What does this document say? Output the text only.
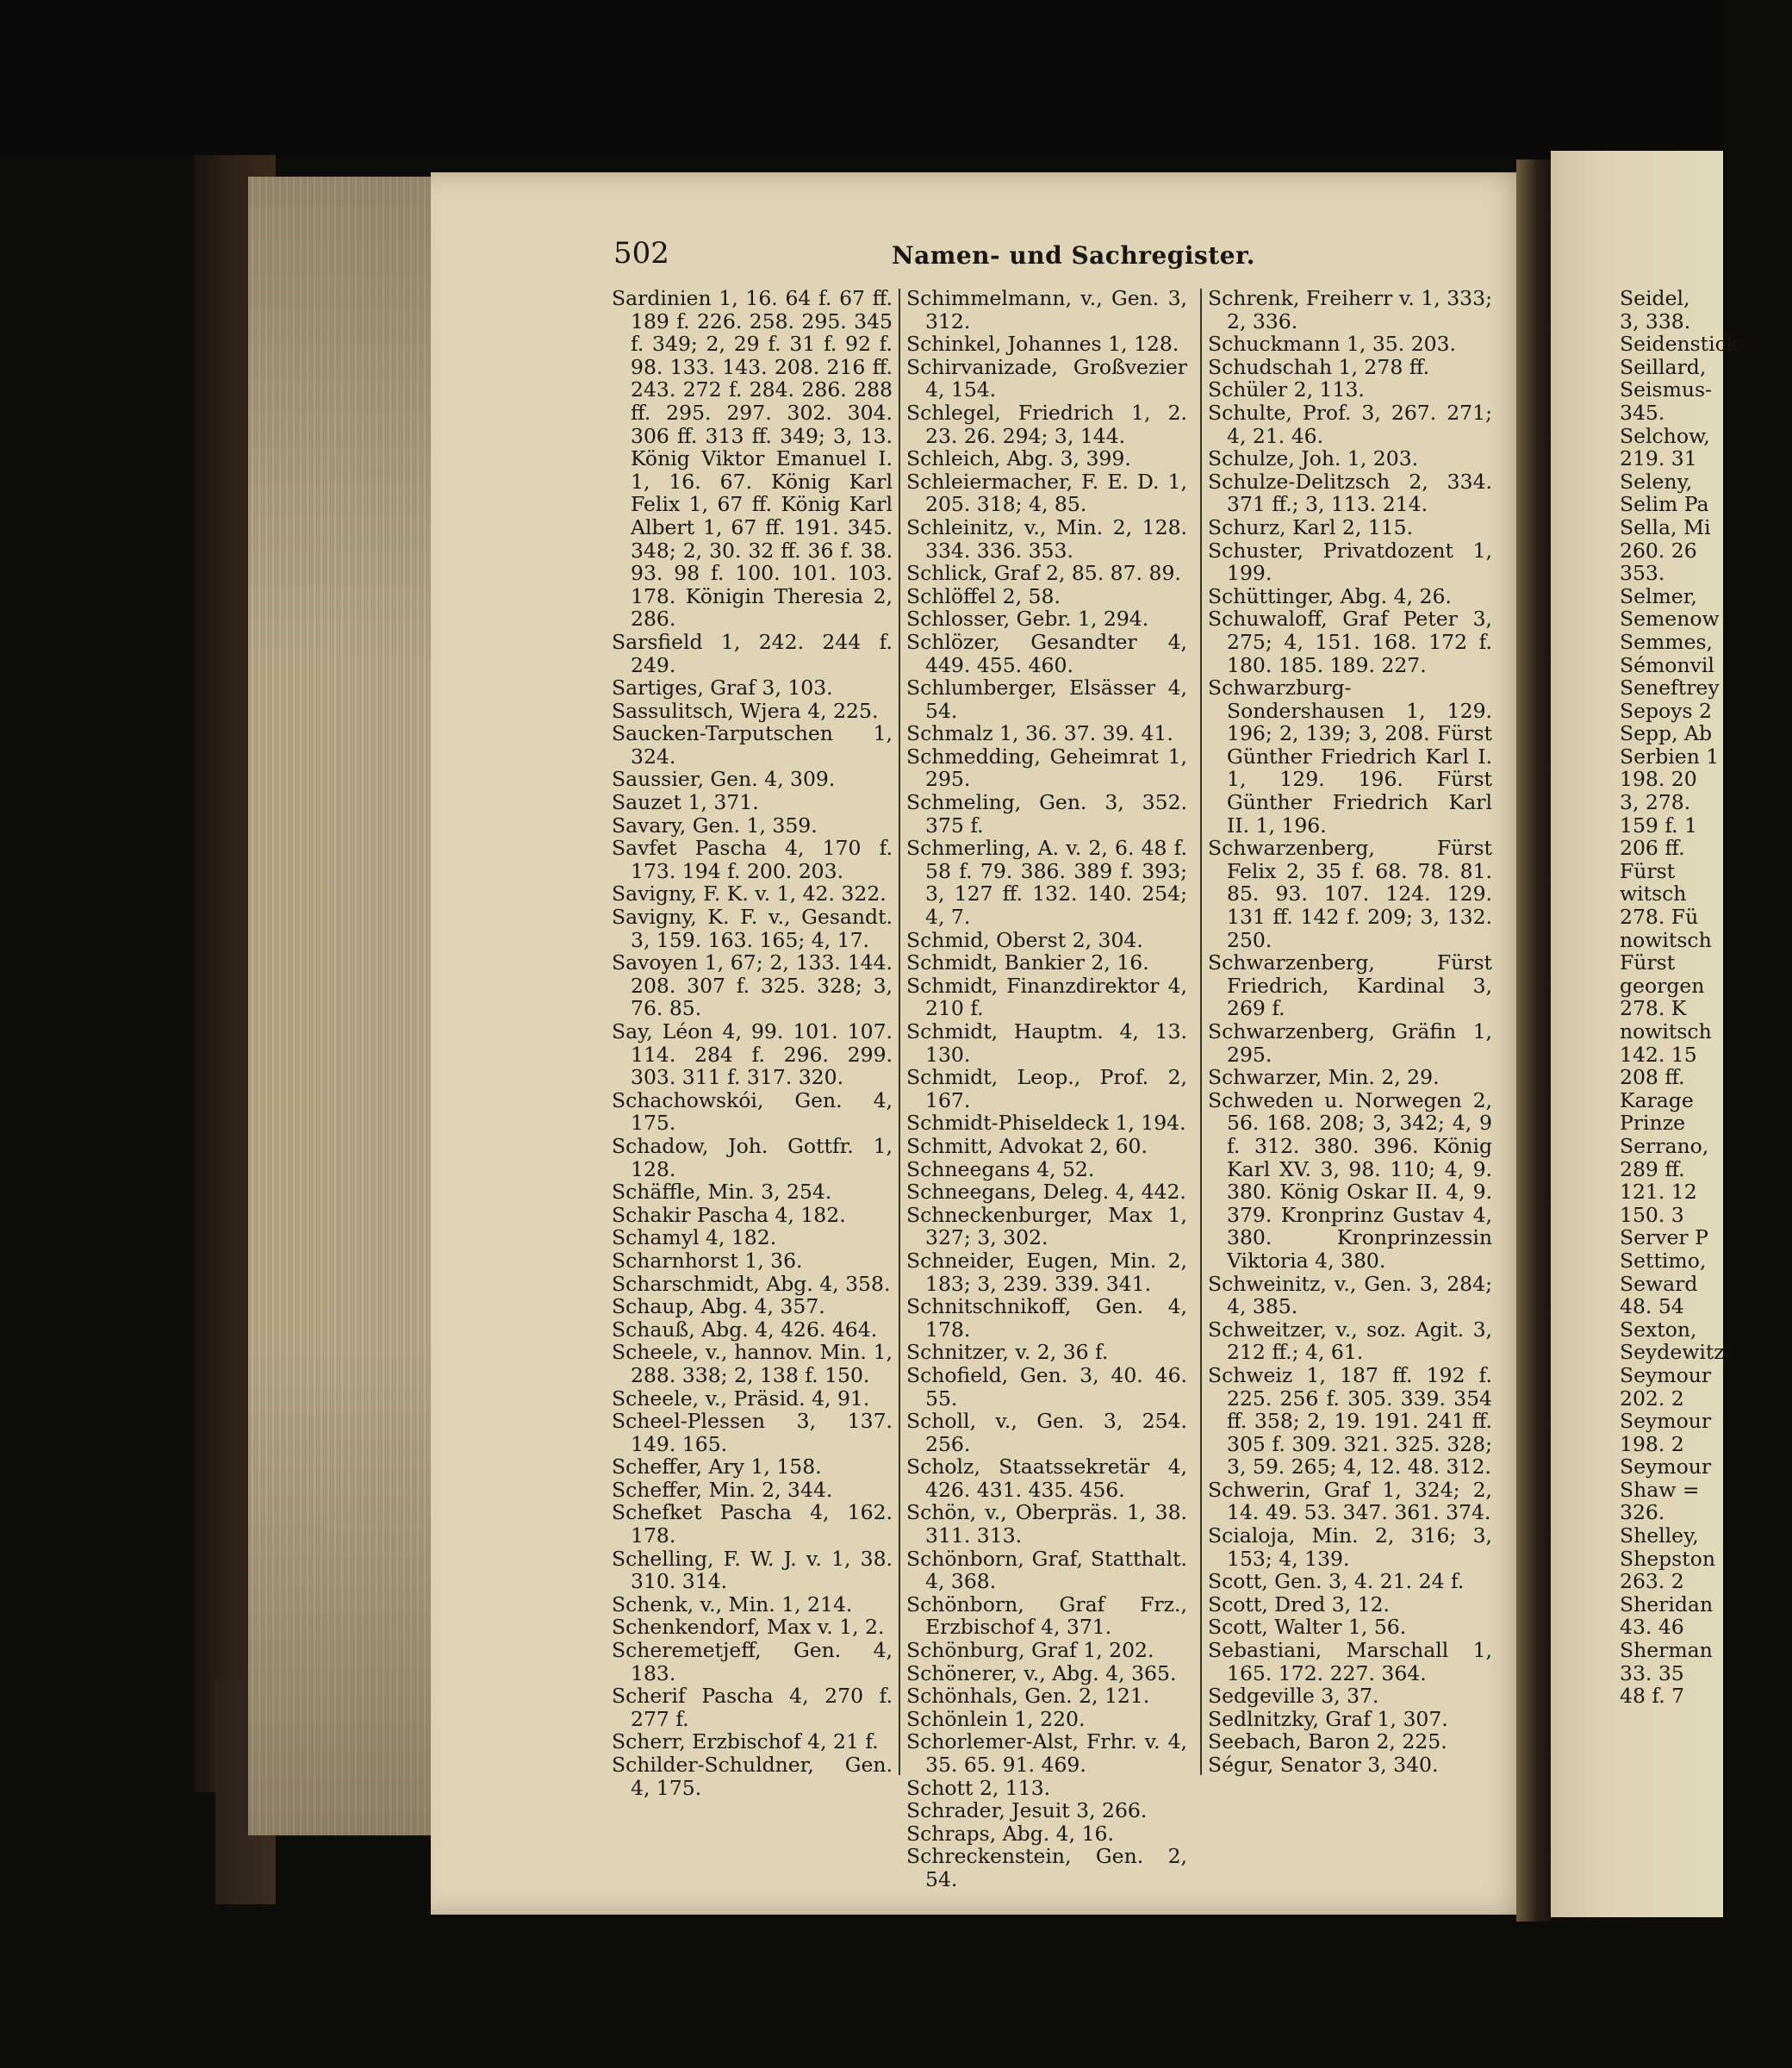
502	Namen- und Sachregister.
Sardinien 1, 16. 64 f. 67 ff. 189 f. 226. 258. 295. 345 f. 349; 2, 29 f. 31 f. 92 f. 98. 133. 143. 208. 216 ff. 243. 272 f. 284. 286. 288 ff. 295. 297. 302. 304. 306 ff. 313 ff. 349; 3, 13. König Viktor Emanuel I. 1, 16. 67. König Karl Felix 1, 67 ff. König Karl Albert 1, 67 ff. 191. 345. 348; 2, 30. 32 ff. 36 f. 38. 93. 98 f. 100. 101. 103. 178. Königin Theresia 2, 286.
Sarsfield 1, 242. 244 f. 249.
Sartiges, Graf 3, 103.
Sassulitsch, Wjera 4, 225.
Saucken-Tarputschen 1, 324.
Saussier, Gen. 4, 309.
Sauzet 1, 371.
Savary, Gen. 1, 359.
Savfet Pascha 4, 170 f. 173. 194 f. 200. 203.
Savigny, F. K. v. 1, 42. 322.
Savigny, K. F. v., Gesandt. 3, 159. 163. 165; 4, 17.
Savoyen 1, 67; 2, 133. 144. 208. 307 f. 325. 328; 3, 76. 85.
Say, Léon 4, 99. 101. 107. 114. 284 f. 296. 299. 303. 311 f. 317. 320.
Schachowskói, Gen. 4, 175.
Schadow, Joh. Gottfr. 1, 128.
Schäffle, Min. 3, 254.
Schakir Pascha 4, 182.
Schamyl 4, 182.
Scharnhorst 1, 36.
Scharschmidt, Abg. 4, 358.
Schaup, Abg. 4, 357.
Schauß, Abg. 4, 426. 464.
Scheele, v., hannov. Min. 1, 288. 338; 2, 138 f. 150.
Scheele, v., Präsid. 4, 91.
Scheel-Plessen 3, 137. 149. 165.
Scheffer, Ary 1, 158.
Scheffer, Min. 2, 344.
Schefket Pascha 4, 162. 178.
Schelling, F. W. J. v. 1, 38. 310. 314.
Schenk, v., Min. 1, 214.
Schenkendorf, Max v. 1, 2.
Scheremetjeff, Gen. 4, 183.
Scherif Pascha 4, 270 f. 277 f.
Scherr, Erzbischof 4, 21 f.
Schilder-Schuldner, Gen. 4, 175.
Schimmelmann, v., Gen. 3, 312.
Schinkel, Johannes 1, 128.
Schirvanizade, Großvezier 4, 154.
Schlegel, Friedrich 1, 2. 23. 26. 294; 3, 144.
Schleich, Abg. 3, 399.
Schleiermacher, F. E. D. 1, 205. 318; 4, 85.
Schleinitz, v., Min. 2, 128. 334. 336. 353.
Schlick, Graf 2, 85. 87. 89.
Schlöffel 2, 58.
Schlosser, Gebr. 1, 294.
Schlözer, Gesandter 4, 449. 455. 460.
Schlumberger, Elsässer 4, 54.
Schmalz 1, 36. 37. 39. 41.
Schmedding, Geheimrat 1, 295.
Schmeling, Gen. 3, 352. 375 f.
Schmerling, A. v. 2, 6. 48 f. 58 f. 79. 386. 389 f. 393; 3, 127 ff. 132. 140. 254; 4, 7.
Schmid, Oberst 2, 304.
Schmidt, Bankier 2, 16.
Schmidt, Finanzdirektor 4, 210 f.
Schmidt, Hauptm. 4, 13. 130.
Schmidt, Leop., Prof. 2, 167.
Schmidt-Phiseldeck 1, 194.
Schmitt, Advokat 2, 60.
Schneegans 4, 52.
Schneegans, Deleg. 4, 442.
Schneckenburger, Max 1, 327; 3, 302.
Schneider, Eugen, Min. 2, 183; 3, 239. 339. 341.
Schnitschnikoff, Gen. 4, 178.
Schnitzer, v. 2, 36 f.
Schofield, Gen. 3, 40. 46. 55.
Scholl, v., Gen. 3, 254. 256.
Scholz, Staatssekretär 4, 426. 431. 435. 456.
Schön, v., Oberpräs. 1, 38. 311. 313.
Schönborn, Graf, Statthalt. 4, 368.
Schönborn, Graf Frz., Erzbischof 4, 371.
Schönburg, Graf 1, 202.
Schönerer, v., Abg. 4, 365.
Schönhals, Gen. 2, 121.
Schönlein 1, 220.
Schorlemer-Alst, Frhr. v. 4, 35. 65. 91. 469.
Schott 2, 113.
Schrader, Jesuit 3, 266.
Schraps, Abg. 4, 16.
Schreckenstein, Gen. 2, 54.
Schrenk, Freiherr v. 1, 333; 2, 336.
Schuckmann 1, 35. 203.
Schudschah 1, 278 ff.
Schüler 2, 113.
Schulte, Prof. 3, 267. 271; 4, 21. 46.
Schulze, Joh. 1, 203.
Schulze-Delitzsch 2, 334. 371 ff.; 3, 113. 214.
Schurz, Karl 2, 115.
Schuster, Privatdozent 1, 199.
Schüttinger, Abg. 4, 26.
Schuwaloff, Graf Peter 3, 275; 4, 151. 168. 172 f. 180. 185. 189. 227.
Schwarzburg-Sondershausen 1, 129. 196; 2, 139; 3, 208. Fürst Günther Friedrich Karl I. 1, 129. 196. Fürst Günther Friedrich Karl II. 1, 196.
Schwarzenberg, Fürst Felix 2, 35 f. 68. 78. 81. 85. 93. 107. 124. 129. 131 ff. 142 f. 209; 3, 132. 250.
Schwarzenberg, Fürst Friedrich, Kardinal 3, 269 f.
Schwarzenberg, Gräfin 1, 295.
Schwarzer, Min. 2, 29.
Schweden u. Norwegen 2, 56. 168. 208; 3, 342; 4, 9 f. 312. 380. 396. König Karl XV. 3, 98. 110; 4, 9. 380. König Oskar II. 4, 9. 379. Kronprinz Gustav 4, 380. Kronprinzessin Viktoria 4, 380.
Schweinitz, v., Gen. 3, 284; 4, 385.
Schweitzer, v., soz. Agit. 3, 212 ff.; 4, 61.
Schweiz 1, 187 ff. 192 f. 225. 256 f. 305. 339. 354 ff. 358; 2, 19. 191. 241 ff. 305 f. 309. 321. 325. 328; 3, 59. 265; 4, 12. 48. 312.
Schwerin, Graf 1, 324; 2, 14. 49. 53. 347. 361. 374.
Scialoja, Min. 2, 316; 3, 153; 4, 139.
Scott, Gen. 3, 4. 21. 24 f.
Scott, Dred 3, 12.
Scott, Walter 1, 56.
Sebastiani, Marschall 1, 165. 172. 227. 364.
Sedgeville 3, 37.
Sedlnitzky, Graf 1, 307.
Seebach, Baron 2, 225.
Ségur, Senator 3, 340.
Seidel,
3, 338.
Seidenstick
Seillard,
Seismus-
345.
Selchow,
219. 31
Seleny,
Selim Pa
Sella, Mi
260. 26
353.
Selmer,
Semenow
Semmes,
Sémonvil
Seneftrey
Sepoys 2
Sepp, Ab
Serbien 1
198. 20
3, 278.
159 f. 1
206 ff.
Fürst
witsch
278. Fü
nowitsch
Fürst
georgen
278. K
nowitsch
142. 15
208 ff.
Karage
Prinze
Serrano,
289 ff.
121. 12
150. 3
Server P
Settimo,
Seward
48. 54
Sexton,
Seydewitz
Seymour
202. 2
Seymour
198. 2
Seymour
Shaw =
326.
Shelley,
Shepston
263. 2
Sheridan
43. 46
Sherman
33. 35
48 f. 7
